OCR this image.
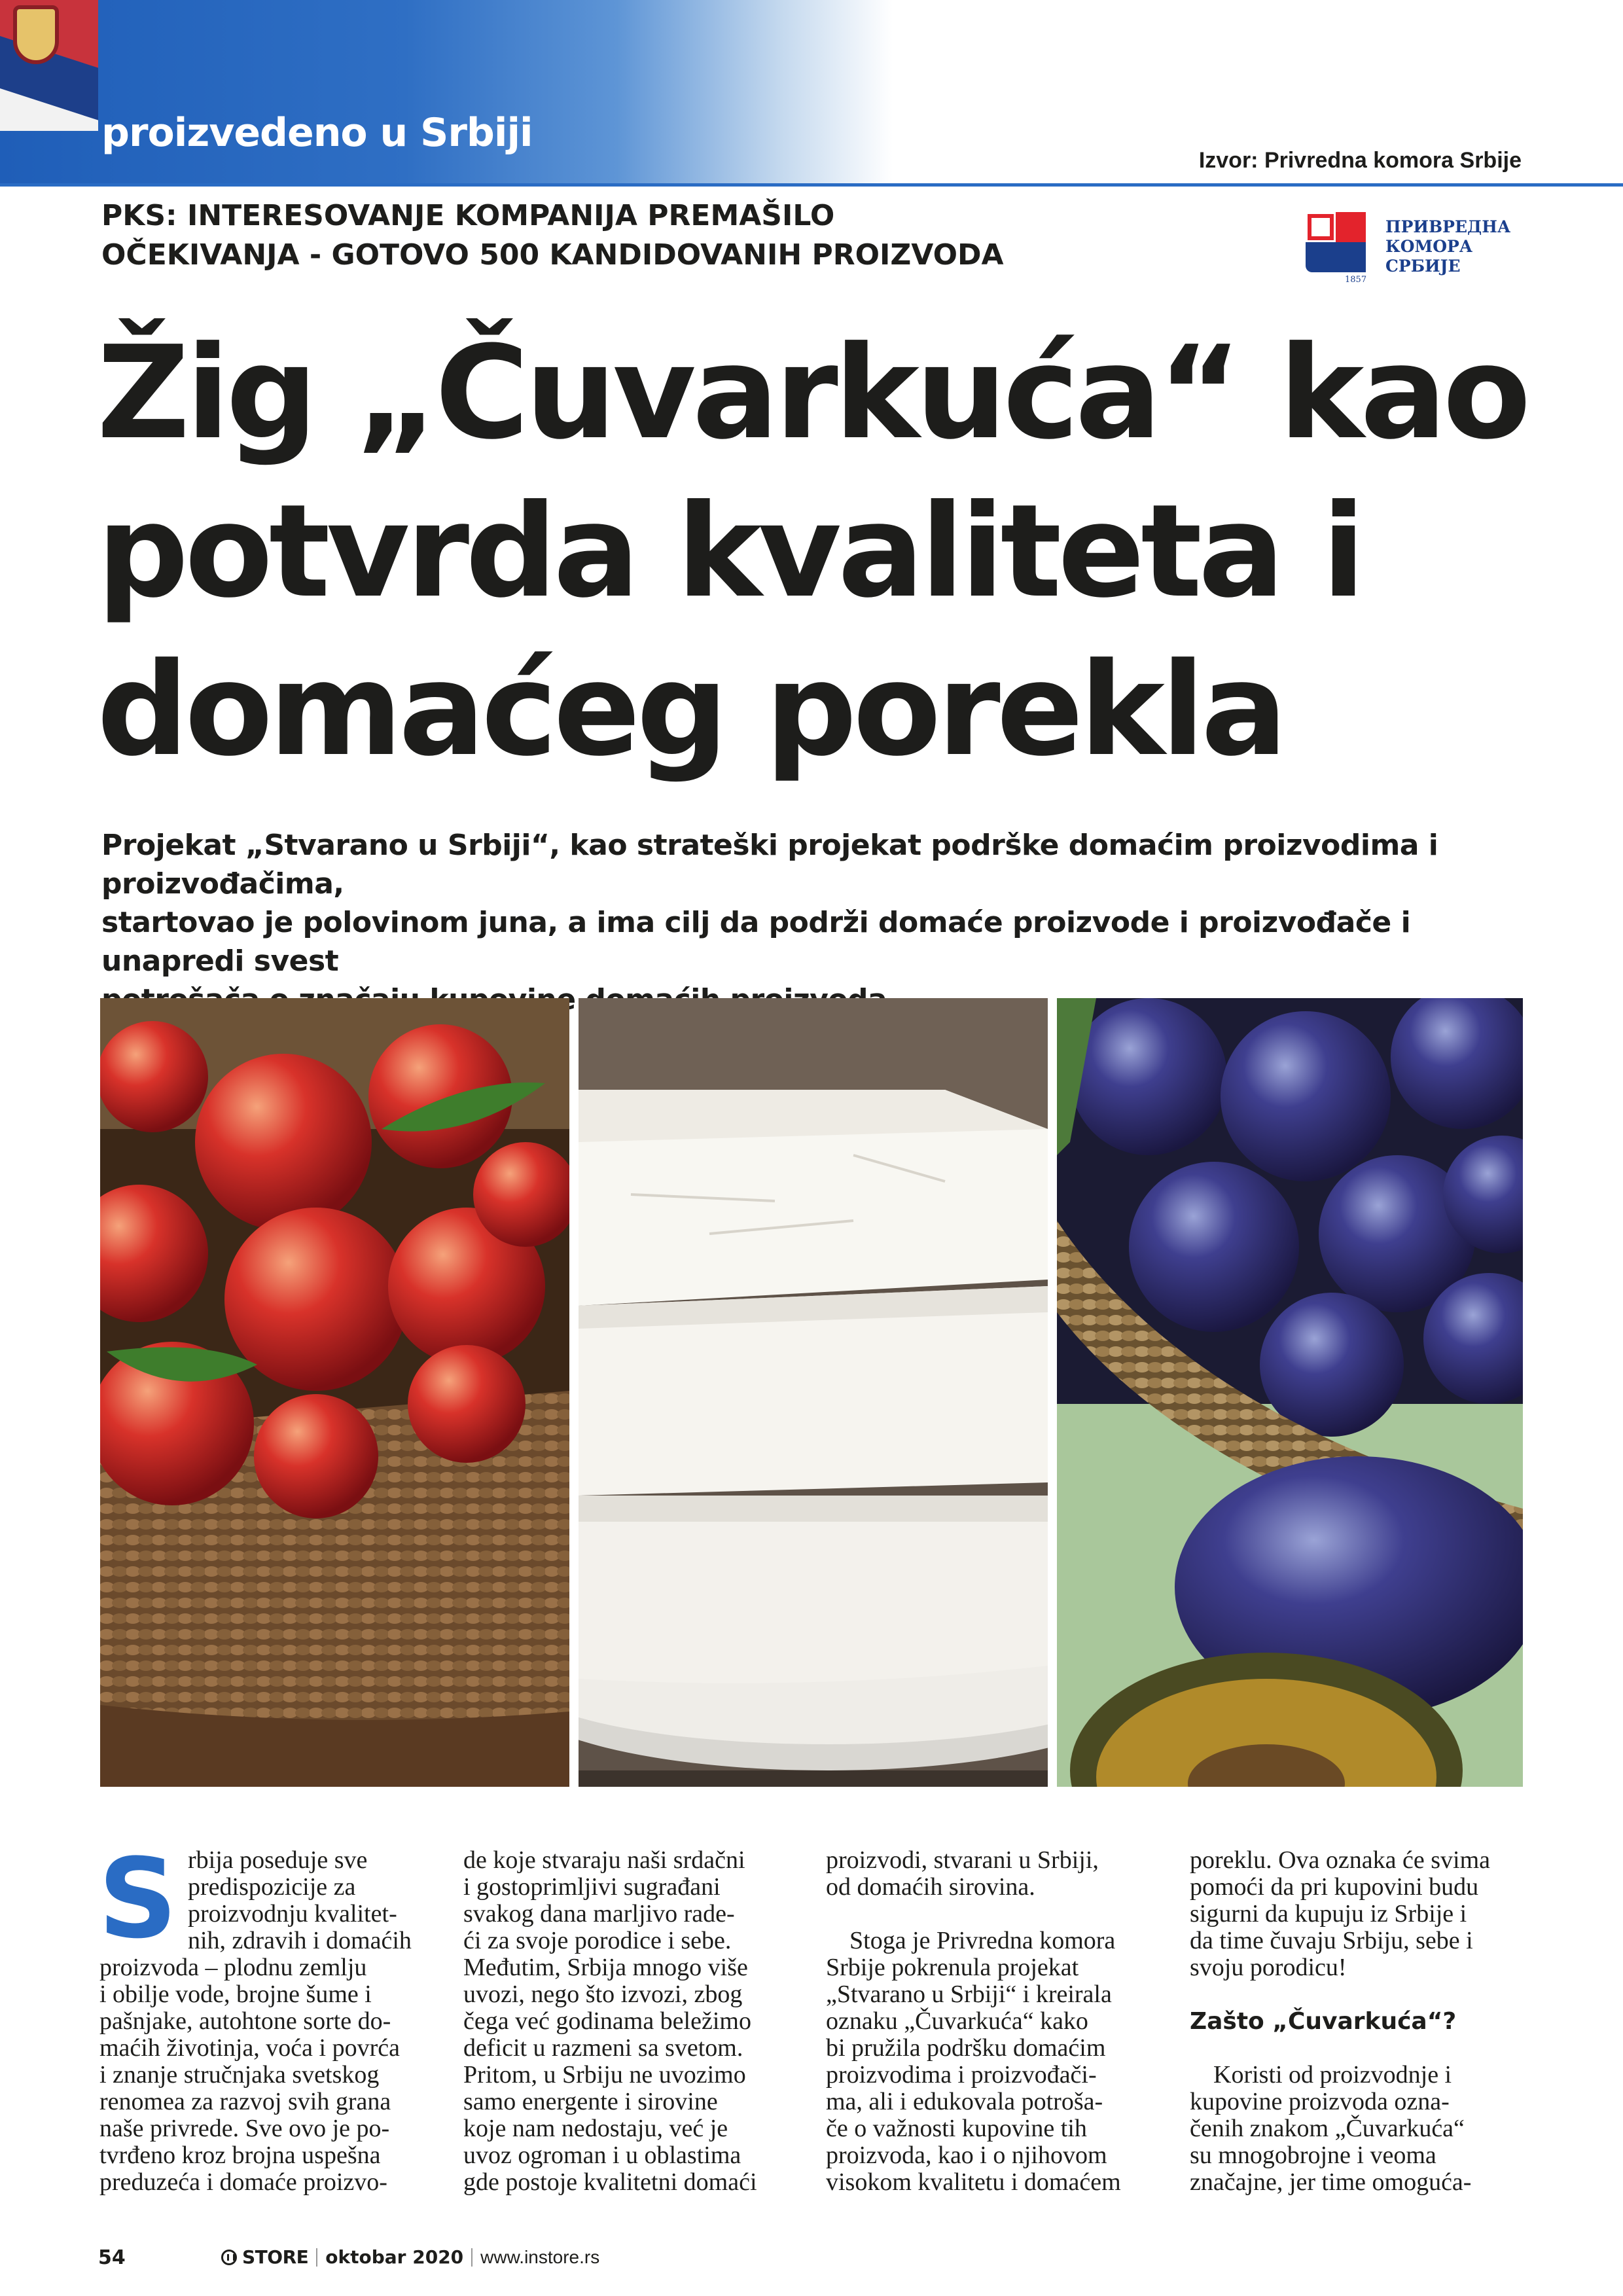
proizvedeno u Srbiji
Izvor: Privredna komora Srbije
PKS: INTERESOVANJE KOMPANIJA PREMAŠILO
OČEKIVANJA - GOTOVO 500 KANDIDOVANIH PROIZVODA
ПРИВРЕДНА
КОМОРА
СРБИЈЕ
1857
Žig „Čuvarkuća“ kao
potvrda kvaliteta i
domaćeg porekla
Projekat „Stvarano u Srbiji“, kao strateški projekat podrške domaćim proizvodima i proizvođačima,
startovao je polovinom juna, a ima cilj da podrži domaće proizvode i proizvođače i unapredi svest
S rbija poseduje sve
predispozicije za
proizvodnju kvalitet-
nih, zdravih i domaćih
proizvoda – plodnu zemlju
i obilje vode, brojne šume i
pašnjake, autohtone sorte do-
maćih životinja, voća i povrća
i znanje stručnjaka svetskog
renomea za razvoj svih grana
naše privrede. Sve ovo je po-
tvrđeno kroz brojna uspešna
preduzeća i domaće proizvo-
de koje stvaraju naši srdačni
i gostoprimljivi sugrađani
svakog dana marljivo rade-
ći za svoje porodice i sebe.
Međutim, Srbija mnogo više
uvozi, nego što izvozi, zbog
čega već godinama beležimo
deficit u razmeni sa svetom.
Pritom, u Srbiju ne uvozimo
samo energente i sirovine
koje nam nedostaju, već je
uvoz ogroman i u oblastima
gde postoje kvalitetni domaći
proizvodi, stvarani u Srbiji,
od domaćih sirovina.
Stoga je Privredna komora
Srbije pokrenula projekat
„Stvarano u Srbiji“ i kreirala
oznaku „Čuvarkuća“ kako
bi pružila podršku domaćim
proizvodima i proizvođači-
ma, ali i edukovala potroša-
če o važnosti kupovine tih
proizvoda, kao i o njihovom
visokom kvalitetu i domaćem
poreklu. Ova oznaka će svima
pomoći da pri kupovini budu
sigurni da kupuju iz Srbije i
da time čuvaju Srbiju, sebe i
svoju porodicu!
Zašto „Čuvarkuća“?
Koristi od proizvodnje i
kupovine proizvoda ozna-
čenih znakom „Čuvarkuća“
su mnogobrojne i veoma
značajne, jer time omogućа-
54	STORE oktobar 2020 www.instore.rs
